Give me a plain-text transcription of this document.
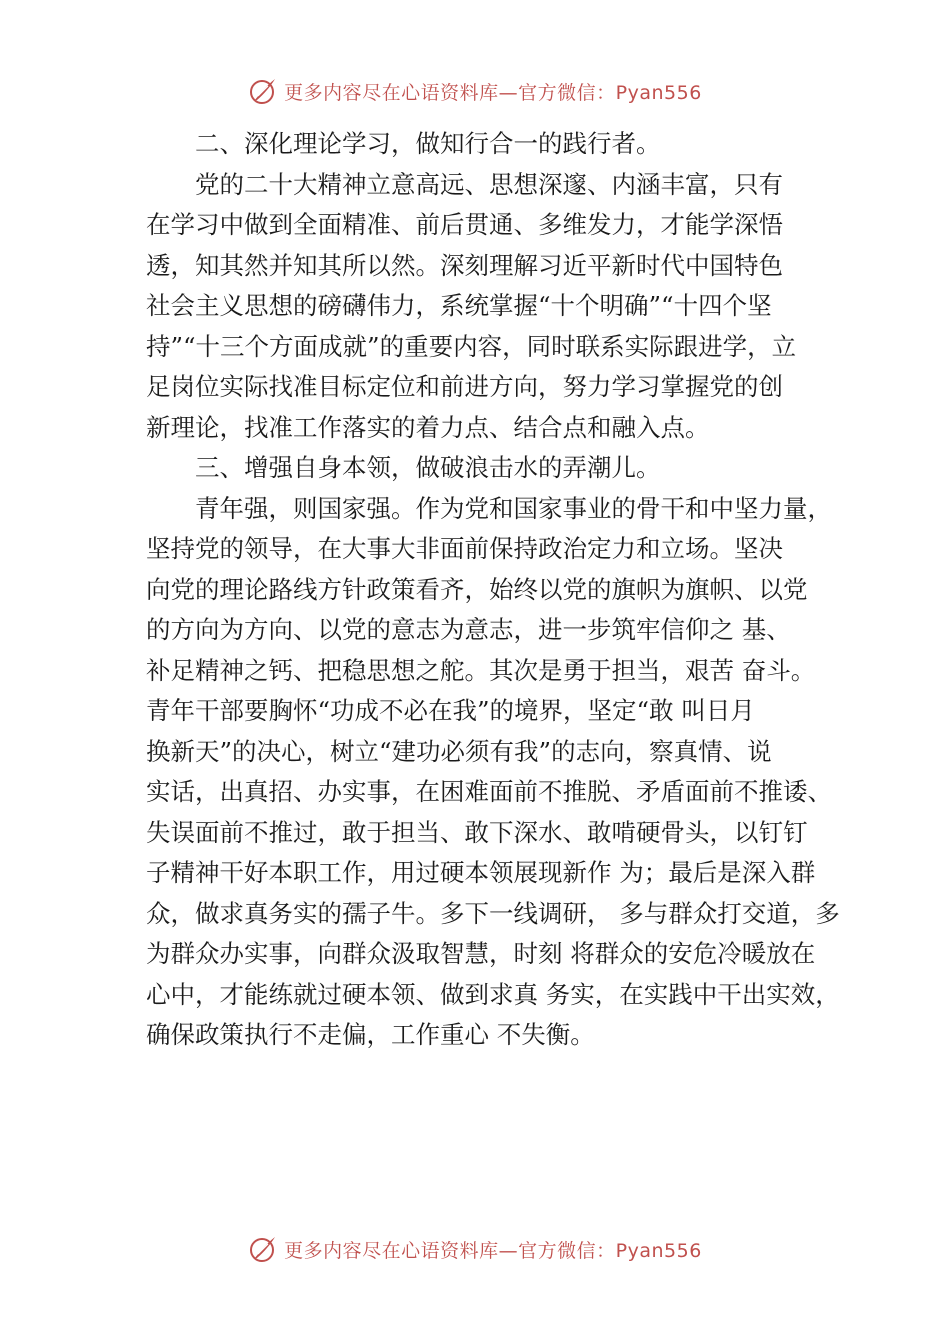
更多内容尽在心语资料库—官方微信：Pyan556
二、深化理论学习，做知行合一的践行者。
党的二十大精神立意高远、思想深邃、内涵丰富，只有
在学习中做到全面精准、前后贯通、多维发力，才能学深悟
透，知其然并知其所以然。深刻理解习近平新时代中国特色
社会主义思想的磅礴伟力，系统掌握“十个明确”“十四个坚
持”“十三个方面成就”的重要内容，同时联系实际跟进学，立
足岗位实际找准目标定位和前进方向，努力学习掌握党的创
新理论，找准工作落实的着力点、结合点和融入点。
三、增强自身本领，做破浪击水的弄潮儿。
青年强，则国家强。作为党和国家事业的骨干和中坚力量，
坚持党的领导，在大事大非面前保持政治定力和立场。坚决
向党的理论路线方针政策看齐，始终以党的旗帜为旗帜、以党
的方向为方向、以党的意志为意志，进一步筑牢信仰之 基、
补足精神之钙、把稳思想之舵。其次是勇于担当，艰苦 奋斗。
青年干部要胸怀“功成不必在我”的境界，坚定“敢 叫日月
换新天”的决心，树立“建功必须有我”的志向，察真情、说
实话，出真招、办实事，在困难面前不推脱、矛盾面前不推诿、
失误面前不推过，敢于担当、敢下深水、敢啃硬骨头，以钉钉
子精神干好本职工作，用过硬本领展现新作 为；最后是深入群
众，做求真务实的孺子牛。多下一线调研， 多与群众打交道，多
为群众办实事，向群众汲取智慧，时刻 将群众的安危冷暖放在
心中，才能练就过硬本领、做到求真 务实，在实践中干出实效，
确保政策执行不走偏，工作重心 不失衡。
更多内容尽在心语资料库—官方微信：Pyan556
